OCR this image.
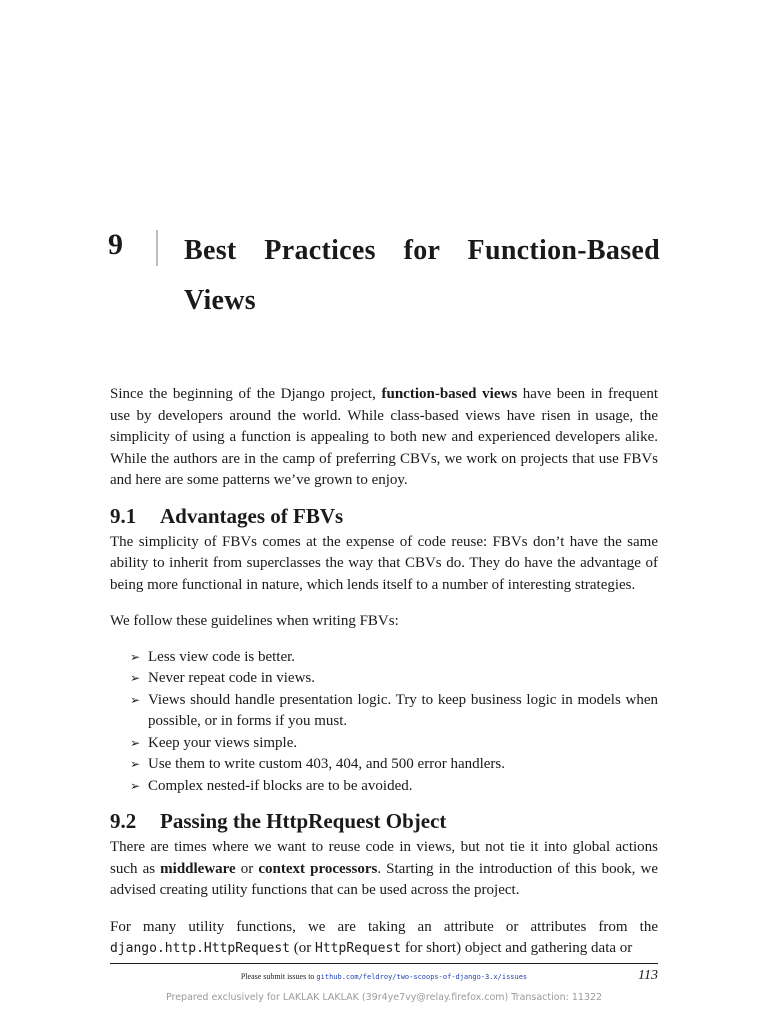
9 Best Practices for Function-Based Views

Since the beginning of the Django project, function-based views have been in frequent use by developers around the world. While class-based views have risen in usage, the simplicity of using a function is appealing to both new and experienced developers alike. While the authors are in the camp of preferring CBVs, we work on projects that use FBVs and here are some patterns we’ve grown to enjoy.

9.1 Advantages of FBVs

The simplicity of FBVs comes at the expense of code reuse: FBVs don’t have the same ability to inherit from superclasses the way that CBVs do. They do have the advantage of being more functional in nature, which lends itself to a number of interesting strategies.

We follow these guidelines when writing FBVs:

➢ Less view code is better.
➢ Never repeat code in views.
➢ Views should handle presentation logic. Try to keep business logic in models when possible, or in forms if you must.
➢ Keep your views simple.
➢ Use them to write custom 403, 404, and 500 error handlers.
➢ Complex nested-if blocks are to be avoided.
9.2 Passing the HttpRequest Object

There are times where we want to reuse code in views, but not tie it into global actions such as middleware or context processors. Starting in the introduction of this book, we advised creating utility functions that can be used across the project.

For many utility functions, we are taking an attribute or attributes from the django.http.HttpRequest (or HttpRequest for short) object and gathering data or

Please submit issues to github.com/feldroy/two-scoops-of-django-3.x/issues	113
Prepared exclusively for LAKLAK LAKLAK (39r4ye7vy@relay.firefox.com) Transaction: 11322
